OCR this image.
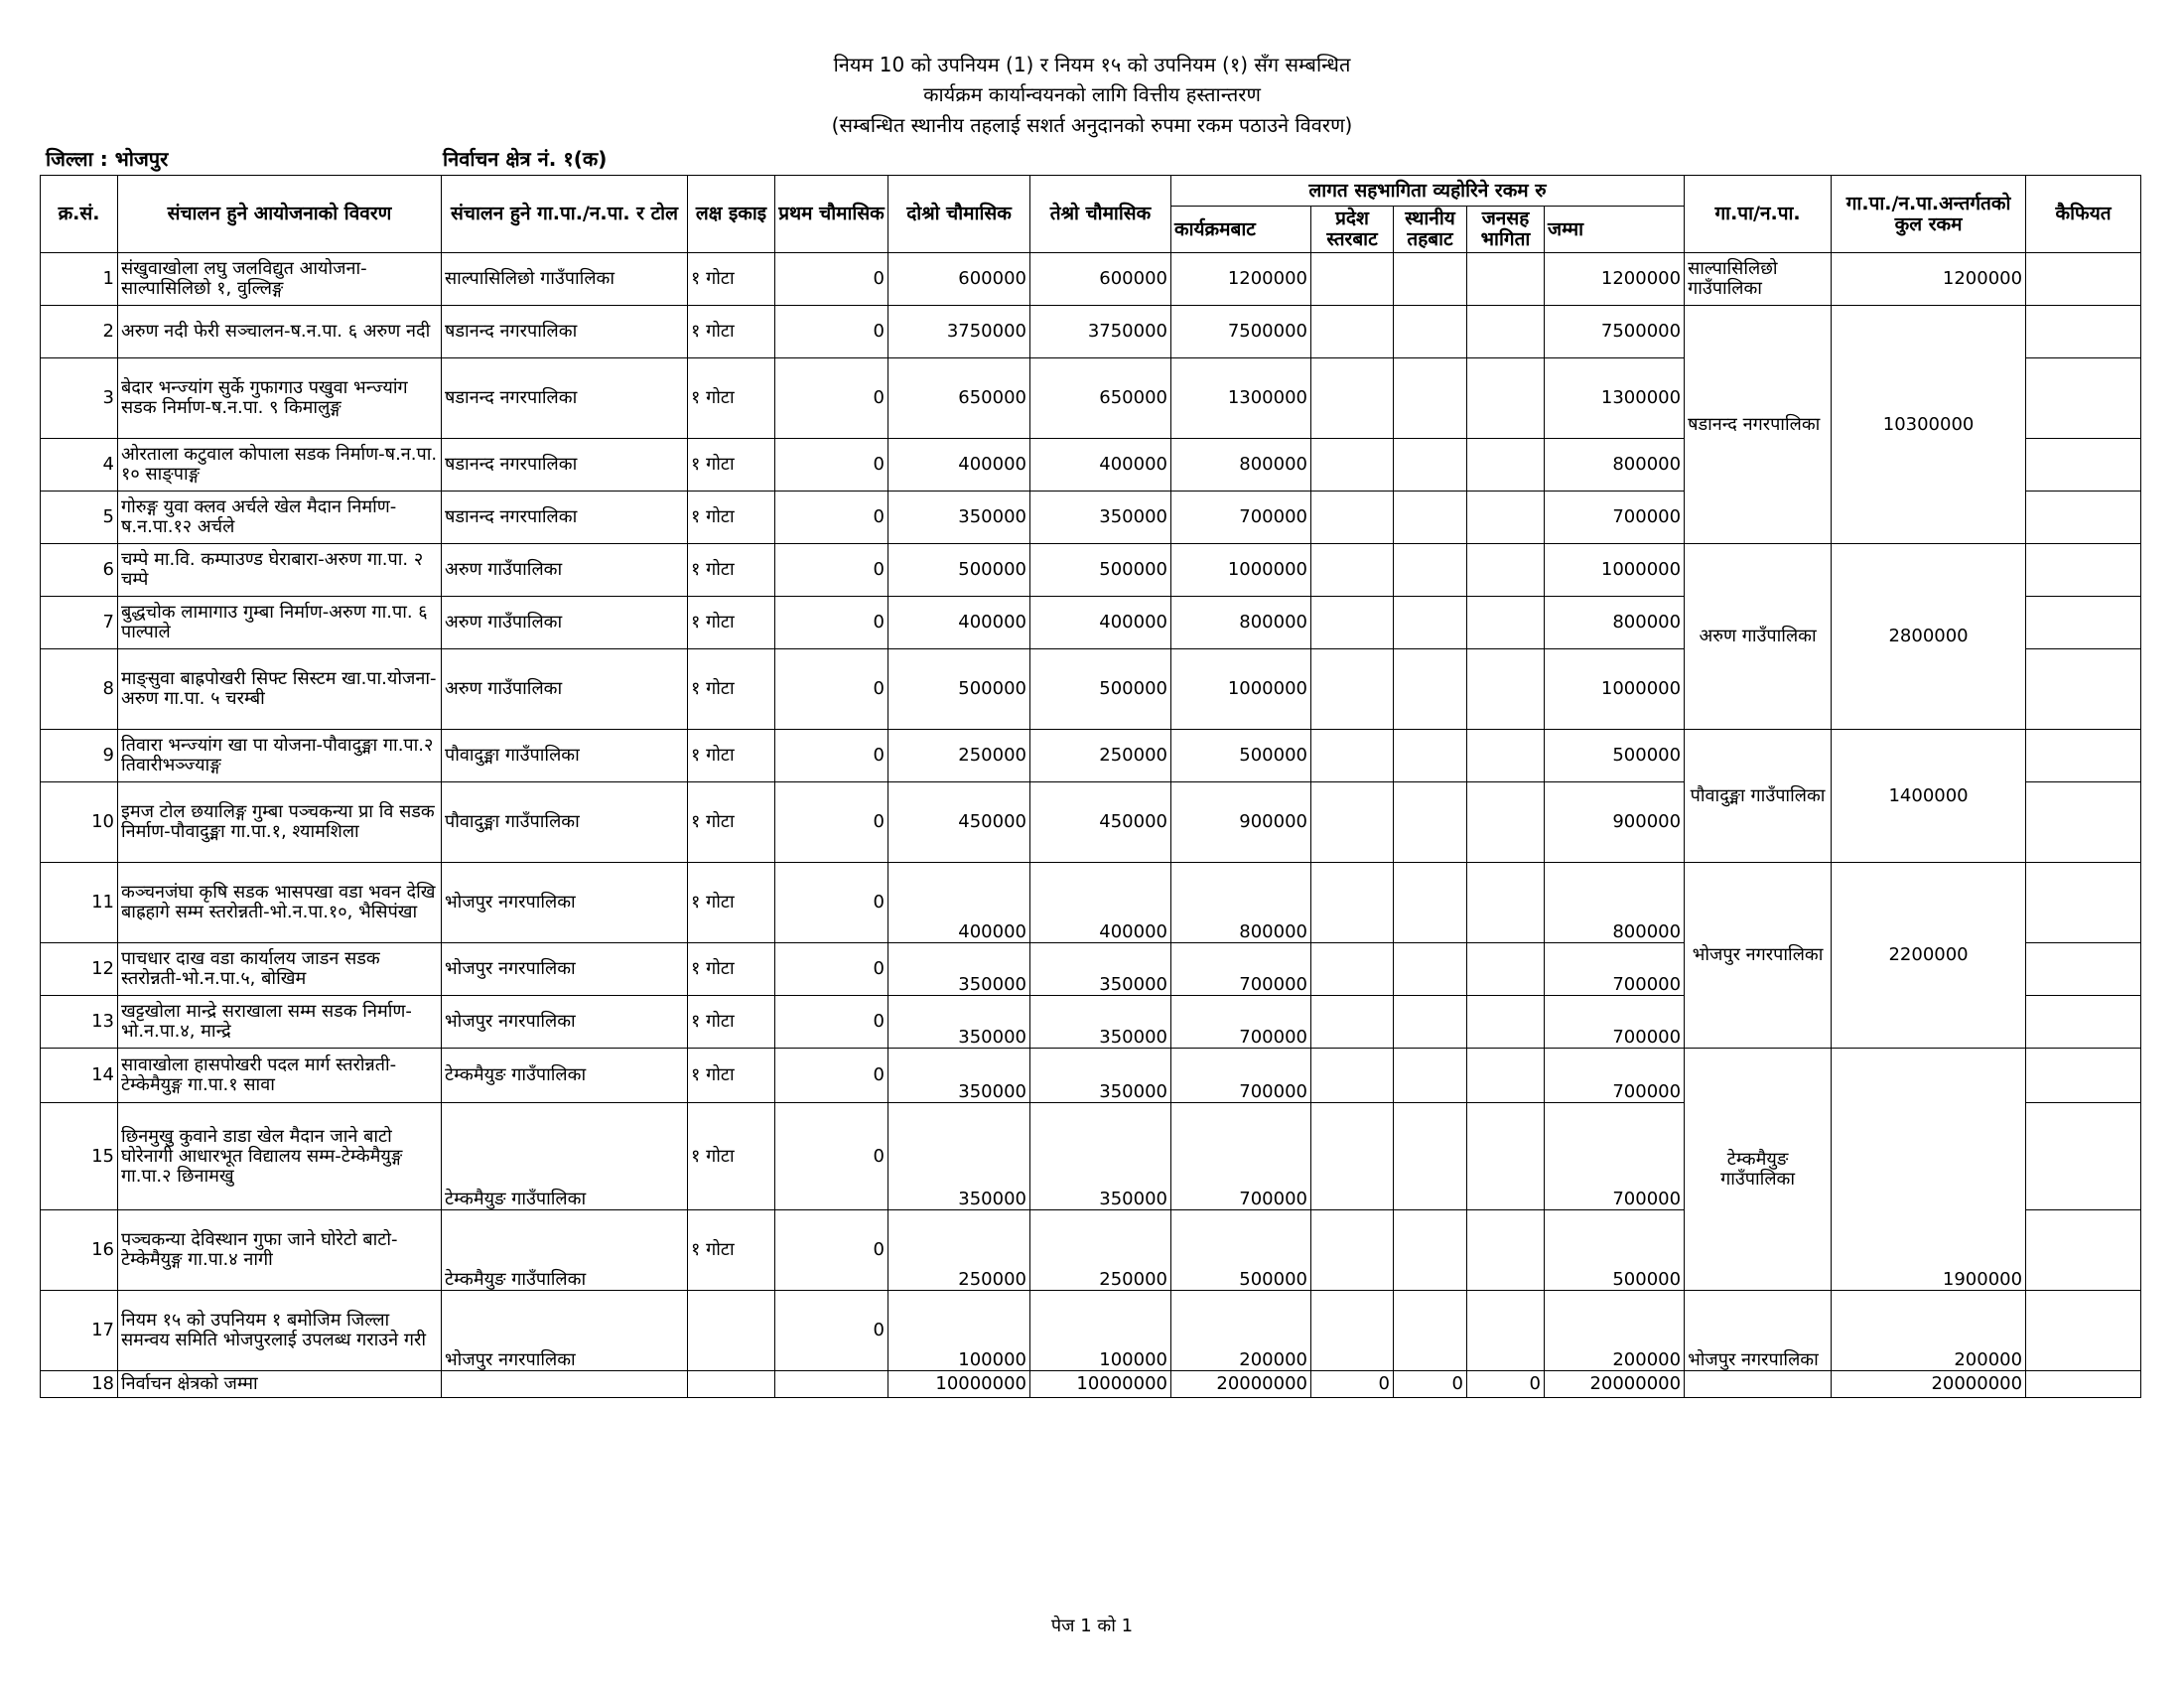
नियम 10 को उपनियम (1) र नियम १५ को उपनियम (१) सँग सम्बन्धित
कार्यक्रम कार्यान्वयनको लागि वित्तीय हस्तान्तरण
(सम्बन्धित स्थानीय तहलाई सशर्त अनुदानको रुपमा रकम पठाउने विवरण)
जिल्ला : भोजपुर	निर्वाचन क्षेत्र नं. १(क)
क्र.सं.	संचालन हुने आयोजनाको विवरण	संचालन हुने गा.पा./न.पा. र टोल	लक्ष इकाइ	प्रथम चौमासिक	दोश्रो चौमासिक	तेश्रो चौमासिक	लागत सहभागिता व्यहोरिने रकम रु					गा.पा/न.पा.	गा.पा./न.पा.अन्तर्गतको कुल रकम	कैफियत
							कार्यक्रमबाट	प्रदेश स्तरबाट	स्थानीय तहबाट	जनसह भागिता	जम्मा			
1	संखुवाखोला लघु जलविद्युत आयोजना-साल्पासिलिछो १, वुल्लिङ्ग	साल्पासिलिछो गाउँपालिका	१ गोटा	0	600000	600000	1200000				1200000	साल्पासिलिछो गाउँपालिका	1200000	
2	अरुण नदी फेरी सञ्चालन-ष.न.पा. ६ अरुण नदी	षडानन्द नगरपालिका	१ गोटा	0	3750000	3750000	7500000				7500000	षडानन्द नगरपालिका	10300000	
3	बेदार भन्ज्यांग सुर्के गुफागाउ पखुवा भन्ज्यांग सडक निर्माण-ष.न.पा. ९ किमालुङ्ग	षडानन्द नगरपालिका	१ गोटा	0	650000	650000	1300000				1300000			
4	ओरताला कटुवाल कोपाला सडक निर्माण-ष.न.पा. १० साङ्पाङ्ग	षडानन्द नगरपालिका	१ गोटा	0	400000	400000	800000				800000			
5	गोरुङ्ग युवा क्लव अर्चले खेल मैदान निर्माण-ष.न.पा.१२ अर्चले	षडानन्द नगरपालिका	१ गोटा	0	350000	350000	700000				700000			
6	चम्पे मा.वि. कम्पाउण्ड घेराबारा-अरुण गा.पा. २ चम्पे	अरुण गाउँपालिका	१ गोटा	0	500000	500000	1000000				1000000	अरुण गाउँपालिका	2800000	
7	बुद्धचोक लामागाउ गुम्बा निर्माण-अरुण गा.पा. ६ पाल्पाले	अरुण गाउँपालिका	१ गोटा	0	400000	400000	800000				800000			
8	माङ्सुवा बाह्रपोखरी सिफ्ट सिस्टम खा.पा.योजना-अरुण गा.पा. ५ चरम्बी	अरुण गाउँपालिका	१ गोटा	0	500000	500000	1000000				1000000			
9	तिवारा भन्ज्यांग खा पा योजना-पौवादुङ्मा गा.पा.२ तिवारीभञ्ज्याङ्ग	पौवादुङ्मा गाउँपालिका	१ गोटा	0	250000	250000	500000				500000	पौवादुङ्मा गाउँपालिका	1400000	
10	इमज टोल छयालिङ्ग गुम्बा पञ्चकन्या प्रा वि सडक निर्माण-पौवादुङ्मा गा.पा.१, श्यामशिला	पौवादुङ्मा गाउँपालिका	१ गोटा	0	450000	450000	900000				900000			
11	कञ्चनजंघा कृषि सडक भासपखा वडा भवन देखि बाह्रहागे सम्म स्तरोन्नती-भो.न.पा.१०, भैसिपंखा	भोजपुर नगरपालिका	१ गोटा	0	400000	400000	800000				800000	भोजपुर नगरपालिका	2200000	
12	पाचधार दाख वडा कार्यालय जाडन सडक स्तरोन्नती-भो.न.पा.५, बोखिम	भोजपुर नगरपालिका	१ गोटा	0	350000	350000	700000				700000			
13	खट्टखोला मान्द्रे सराखाला सम्म सडक निर्माण-भो.न.पा.४, मान्द्रे	भोजपुर नगरपालिका	१ गोटा	0	350000	350000	700000				700000			
14	सावाखोला हासपोखरी पदल मार्ग स्तरोन्नती-टेम्केमैयुङ्ग गा.पा.१ सावा	टेम्कमैयुङ गाउँपालिका	१ गोटा	0	350000	350000	700000				700000	टेम्कमैयुङ गाउँपालिका	1900000	
15	छिनमुखु कुवाने डाडा खेल मैदान जाने बाटो घोरेनागी आधारभूत विद्यालय सम्म-टेम्केमैयुङ्ग गा.पा.२ छिनामखु	टेम्कमैयुङ गाउँपालिका	१ गोटा	0	350000	350000	700000				700000			
16	पञ्चकन्या देविस्थान गुफा जाने घोरेटो बाटो-टेम्केमैयुङ्ग गा.पा.४ नागी	टेम्कमैयुङ गाउँपालिका	१ गोटा	0	250000	250000	500000				500000			
17	नियम १५ को उपनियम १ बमोजिम जिल्ला समन्वय समिति भोजपुरलाई उपलब्ध गराउने गरी	भोजपुर नगरपालिका		0	100000	100000	200000				200000	भोजपुर नगरपालिका	200000	
18	निर्वाचन क्षेत्रको जम्मा				10000000	10000000	20000000	0	0	0	20000000		20000000	
पेज 1 को 1
